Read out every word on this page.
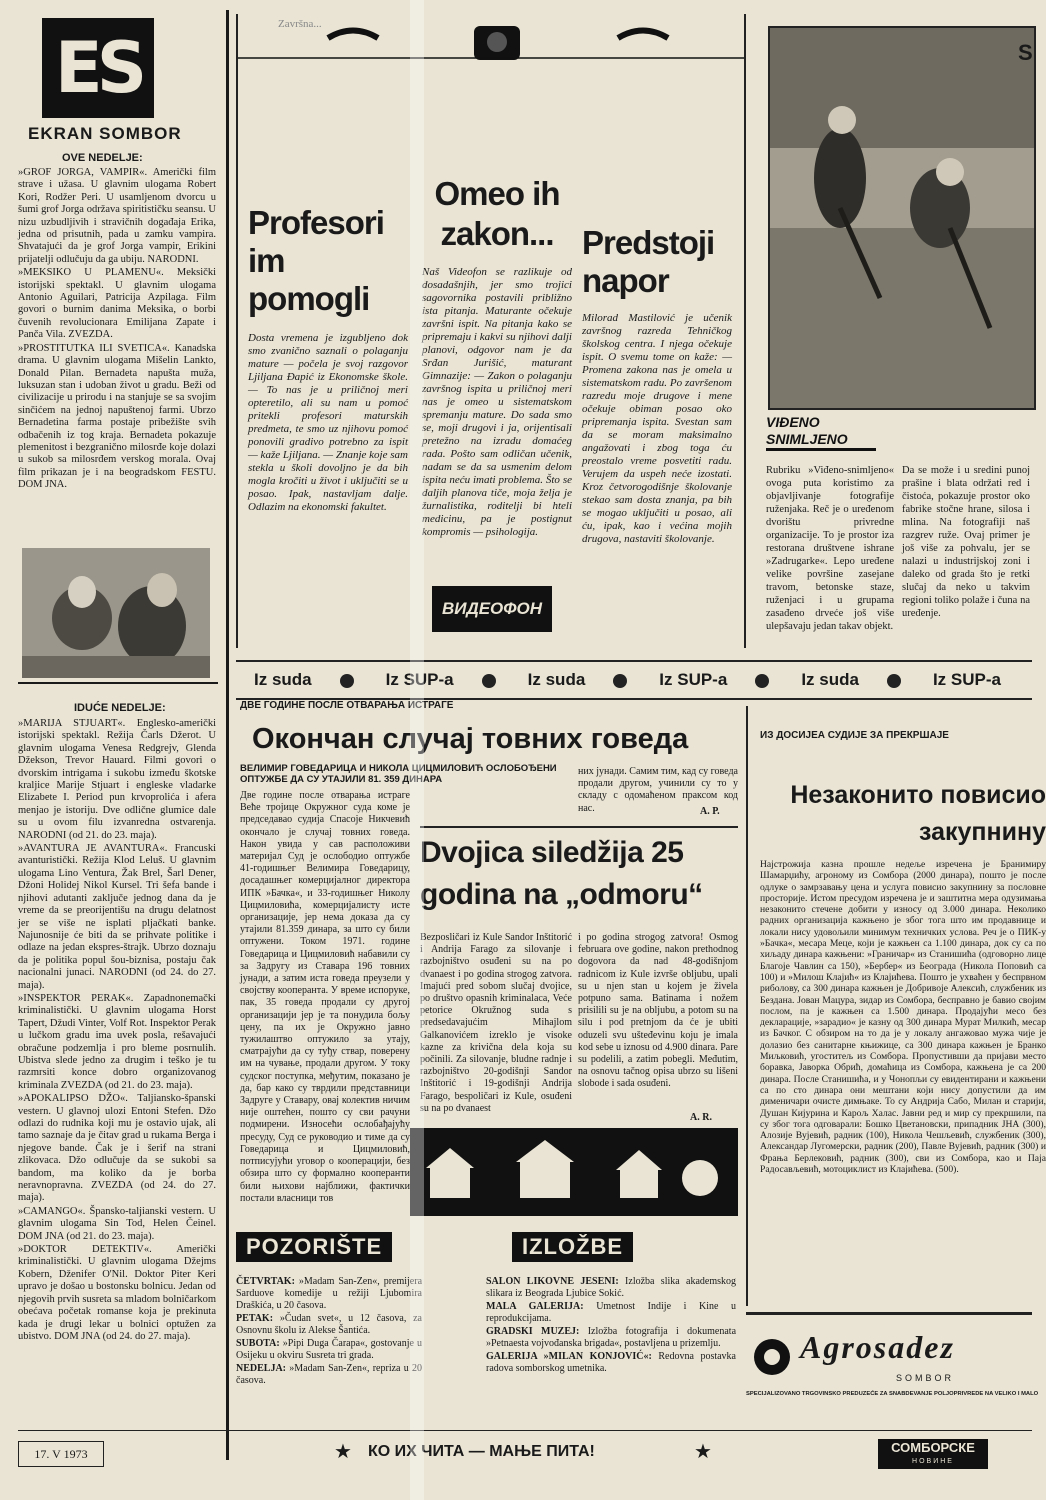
ES
EKRAN SOMBOR
OVE NEDELJE:

»GROF JORGA, VAMPIR«. Američki film strave i užasa. U glavnim ulogama Robert Kori, Rodžer Peri. U usamljenom dvorcu u šumi grof Jorga održava spiritističku seansu. U nizu uzbudljivih i stravičnih događaja Erika, jedna od prisutnih, pada u zamku vampira. Shvatajući da je grof Jorga vampir, Erikini prijatelji odlučuju da ga ubiju. NARODNI.

»MEKSIKO U PLAMENU«. Meksički istorijski spektakl. U glavnim ulogama Antonio Aguilari, Patricija Azpilaga. Film govori o burnim danima Meksika, o borbi čuvenih revolucionara Emilijana Zapate i Panča Vila. ZVEZDA.

»PROSTITUTKA ILI SVETICA«. Kanadska drama. U glavnim ulogama Mišelin Lankto, Donald Pilan. Bernadeta napušta muža, luksuzan stan i udoban život u gradu. Beži od civilizacije u prirodu i na stanjuje se sa svojim sinčićem na jednoj napuštenoj farmi. Ubrzo Bernadetina farma postaje pribežište svih odbačenih iz tog kraja. Bernadeta pokazuje plemenitost i bezgranično milosrđe koje dolazi u sukob sa milosrđem verskog morala. Ovaj film prikazan je i na beogradskom FESTU. DOM JNA.

IDUĆE NEDELJE:

»MARIJA STJUART«. Englesko-američki istorijski spektakl. Režija Čarls Džerot. U glavnim ulogama Venesa Redgrejv, Glenda Džekson, Trevor Hauard. Filmi govori o dvorskim intrigama i sukobu između škotske kraljice Marije Stjuart i engleske vladarke Elizabete I. Period pun krvoprolića i afera menjao je istoriju. Dve odlične glumice dale su u ovom filu izvanredna ostvarenja. NARODNI (od 21. do 23. maja).

»AVANTURA JE AVANTURA«. Francuski avanturistički. Režija Klod Leluš. U glavnim ulogama Lino Ventura, Žak Brel, Šarl Dener, Džoni Holidej Nikol Kursel. Tri šefa bande i njihovi adutanti zaključe jednog dana da je vreme da se preorijentišu na drugu delatnost jer se više ne isplati pljačkati banke. Najunosnije će biti da se prihvate politike i odlaze na jedan ekspres-štrajk. Ubrzo doznaju da je politika popul šou-biznisa, postaju čak nacionalni junaci. NARODNI (od 24. do 27. maja).

»INSPEKTOR PERAK«. Zapadnonemački kriminalistički. U glavnim ulogama Horst Tapert, Džudi Vinter, Volf Rot. Inspektor Perak u lučkom gradu ima uvek posla, rešavajući obračune podzemlja i pro bleme posrnulih. Ubistva slede jedno za drugim i teško je tu razmrsiti konce dobro organizovanog kriminala ZVEZDA (od 21. do 23. maja).

»APOKALIPSO DŽO«. Taljiansko-španski vestern. U glavnoj ulozi Entoni Stefen. Džo odlazi do rudnika koji mu je ostavio ujak, ali tamo saznaje da je čitav grad u rukama Berga i njegove bande. Čak je i šerif na strani zlikovaca. Džo odlučuje da se sukobi sa bandom, ma koliko da je borba neravnopravna. ZVEZDA (od 24. do 27. maja).

»CAMANGO«. Špansko-taljianski vestern. U glavnim ulogama Sin Tod, Helen Čeinel. DOM JNA (od 21. do 23. maja).

»DOKTOR DETEKTIV«. Američki kriminalistički. U glavnim ulogama Džejms Kobern, Dženifer O'Nil. Doktor Piter Keri upravo je došao u bostonsku bolnicu. Jedan od njegovih prvih susreta sa mladom bolničarkom obećava početak romanse koja je prekinuta kada je drugi lekar u bolnici optužen za ubistvo. DOM JNA (od 24. do 27. maja).

Završna...
Profesori im pomogli
Dosta vremena je izgubljeno dok smo zvanično saznali o polaganju mature — počela je svoj razgovor Ljiljana Đapić iz Ekonomske škole. — To nas je u priličnoj meri opteretilo, ali su nam u pomoć pritekli profesori maturskih predmeta, te smo uz njihovu pomoć ponovili gradivo potrebno za ispit — kaže Ljiljana. — Znanje koje sam stekla u školi dovoljno je da bih mogla kročiti u život i uključiti se u posao. Ipak, nastavljam dalje. Odlazim na ekonomski fakultet.
Omeo ih zakon...
Naš Videofon se razlikuje od dosadašnjih, jer smo trojici sagovornika postavili približno ista pitanja. Maturante očekuje završni ispit. Na pitanja kako se pripremaju i kakvi su njihovi dalji planovi, odgovor nam je da Srđan Jurišić, maturant Gimnazije: — Zakon o polaganju završnog ispita u priličnoj meri nas je omeo u sistematskom spremanju mature. Do sada smo se, moji drugovi i ja, orijentisali pretežno na izradu domaćeg rada. Pošto sam odličan učenik, nadam se da sa usmenim delom ispita neću imati problema. Što se daljih planova tiče, moja želja je žurnalistika, roditelji bi hteli medicinu, pa je postignut kompromis — psihologija.
Predstoji napor
Milorad Mastilović je učenik završnog razreda Tehničkog školskog centra. I njega očekuje ispit. O svemu tome on kaže: — Promena zakona nas je omela u sistematskom radu. Po završenom razredu moje drugove i mene očekuje obiman posao oko pripremanja ispita. Svestan sam da se moram maksimalno angažovati i zbog toga ću preostalo vreme posvetiti radu. Verujem da uspeh neće izostati. Kroz četvorogodišnje školovanje stekao sam dosta znanja, pa bih se mogao uključiti u posao, ali ću, ipak, kao i većina mojih drugova, nastaviti školovanje.
ВИДЕОФОН
VIĐENO SNIMLJENO
Rubriku »Viđeno-snimljeno« ovoga puta koristimo za objavljivanje fotografije ruženjaka. Reč je o uređenom dvorištu privredne organizacije. To je prostor iza restorana društvene ishrane »Zadrugarke«. Lepo uređene velike površine zasejane travom, betonske staze, ruženjaci i u grupama zasađeno drveće još više ulepšavaju jedan takav objekt.
Da se može i u sredini punoj prašine i blata održati red i čistoća, pokazuje prostor oko fabrike stočne hrane, silosa i mlina. Na fotografiji naš razgrev ruže. Ovaj primer je još više za pohvalu, jer se nalazi u industrijskoj zoni i daleko od grada što je retki slučaj da neko u takvim regioni toliko polaže i čuna na uređenje.
Iz suda	Iz SUP-a	Iz suda	Iz SUP-a	Iz suda	Iz SUP-a
ДВЕ ГОДИНЕ ПОСЛЕ ОТВАРАЊА ИСТРАГЕ
Окончан случај товних говеда
ВЕЛИМИР ГОВЕДАРИЦА И НИКОЛА ЦИЦМИЛОВИЋ ОСЛОБОЂЕНИ ОПТУЖБЕ ДА СУ УТАЈИЛИ 81. 359 ДИНАРА
Две године после отварања истраге Веће тројице Окружног суда коме је председавао судија Спасоје Никчевић окончало је случај товних говеда. Након увида у сав расположиви материјал Суд је ослободио оптужбе 41-годишњег Велимира Говедарицу, досадашњег комерцијалног директора ИПК »Бачка«, и 33-годишњег Николу Цицмиловића, комерцијалисту исте организације, јер нема доказа да су утајили 81.359 динара, за што су били оптужени. Током 1971. године Говедарица и Цицмиловић набавили су за Задругу из Ставара 196 товних јунади, а затим иста говеда преузели у својству кооперанта. У време испоруке, пак, 35 говеда продали су другој организацији јер је та понудила бољу цену, па их је Окружно јавно тужилаштво оптужило за утају, сматрајући да су туђу ствар, поверену им на чување, продали другом. У току судског поступка, међутим, показано је да, бар како су тврдили представници Задруге у Ставару, овај колектив ничим није оштећен, пошто су сви рачуни подмирени. Износећи ослобађајућу пресуду, Суд се руководио и тиме да су Говедарица и Цицмиловић, потписујући уговор о кооперацији, без обзира што су формално кооперанти били њихови најближи, фактички постали власници тов
них јунади. Самим тим, кад су говеда продали другом, учинили су то у складу с одомаћеном праксом код нас.	А. Р.
Dvojica siledžija 25 godina na „odmoru“
Bezposličari iz Kule Sandor Inštitorić i Andrija Farago za silovanje i razbojništvo osuđeni su na po dvanaest i po godina strogog zatvora. Imajući pred sobom slučaj dvojice, po društvo opasnih kriminalaca, Veće petorice Okružnog suda s predsedavajućim Mihajlom Galkanovićem izreklo je visoke kazne za krivična dela koja su počinili. Za silovanje, bludne radnje i razbojništvo 20-godišnji Sandor Inštitorić i 19-godišnji Andrija Farago, bespoličari iz Kule, osuđeni su na po dvanaest
i po godina strogog zatvora! Osmog februara ove godine, nakon prethodnog dogovora da nad 48-godišnjom radnicom iz Kule izvrše oblјubu, upali su u njen stan u kojem je živela potpuno sama. Batinama i nožem prisilili su je na oblјubu, a potom su na silu i pod pretnjom da će je ubiti oduzeli svu ušteđevinu koju je imala kod sebe u iznosu od 4.900 dinara. Pare su podelili, a zatim pobegli. Međutim, na osnovu tačnog opisa ubrzo su lišeni slobode i sada osuđeni.
A. R.
ИЗ ДОСИЈЕА СУДИЈЕ ЗА ПРЕКРШАЈЕ
Незаконито повисио закупнину
Најстрожија казна прошле недеље изречена је Бранимиру Шамарџићу, агроному из Сомбора (2000 динара), пошто је после одлуке о замрзавању цена и услуга повисио закупнину за пословне просторије. Истом пресудом изречена је и заштитна мера одузимања незаконито стечене добити у износу од 3.000 динара. Неколико радних организација кажњено је због тога што им продавнице и локали нису удовољили минимум техничких услова. Реч је о ПИК-у »Бачка«, месара Меце, који је кажњен са 1.100 динара, док су са по хиљаду динара кажњени: »Граничар« из Станишића (одговорно лице Благоје Чавлин са 150), »Бербер« из Београда (Никола Поповић са 100) и »Милош Клајић« из Клајићева. Пошто је ухваћен у беспрвном риболову, са 300 динара кажњен је Добривоје Алексић, службеник из Бездана. Јован Мацура, зидар из Сомбора, бесправно је бавио својим послом, па је кажњен са 1.500 динара. Продајући месо без декларације, »зарадио« је казну од 300 динара Мурат Милкић, месар из Бачког. С обзиром на то да је у локалу ангажовао мужа чије је долазио без санитарне књижице, са 300 динара кажњен је Бранко Миљковић, угоститељ из Сомбора. Пропустивши да пријави место боравка, Јаворка Обрић, домаћица из Сомбора, кажњена је са 200 динара. После Станишића, и у Чонопљи су евидентирани и кажњени са по сто динара они мештани који нису допустили да им дименичари очисте димњаке. То су Андрија Сабо, Милан и старији, Душан Кијурина и Карољ Халас. Јавни ред и мир су прекршили, па су због тога одговарали: Бошко Цветановски, припадник ЈНА (300), Алозије Вујевић, радник (100), Никола Чешљевић, службеник (300), Александар Лугомерски, радник (200), Павле Вујевић, радник (300) и Фрања Берлековић, радник (300), сви из Сомбора, као и Паја Радосављевић, мотоциклист из Клајићева. (500).
POZORIŠTE

ČETVRTAK: »Madam San-Zen«, premijera Sarduove komedije u režiji Ljubomira Draškića, u 20 časova.

PETAK: »Čudan svet«, u 12 časova, za Osnovnu školu iz Alekse Šantića.

SUBOTA: »Pipi Duga Čarapa«, gostovanje u Osijeku u okviru Susreta tri grada.

NEDELJA: »Madam San-Zen«, repriza u 20 časova.

IZLOŽBE

SALON LIKOVNE JESENI: Izložba slika akademskog slikara iz Beograda Ljubice Sokić.

MALA GALERIJA: Umetnost Indije i Kine u reprodukcijama.

GRADSKI MUZEJ: Izložba fotografija i dokumenata »Petnaesta vojvođanska brigada«, postavljena u prizemlju.

GALERIJA »MILAN KONJOVIĆ«: Redovna postavka radova somborskog umetnika.

Agrosadez
SOMBOR
SPECIJALIZOVANO TRGOVINSKO PREDUZEĆE ZA SNABDEVANJE POLJOPRIVREDE NA VELIKO I MALO
17. V 1973	★ КО ИХ ЧИТА — МАЊЕ ПИТА!	★	СОМБОРСКЕ
НОВИНЕ
S
